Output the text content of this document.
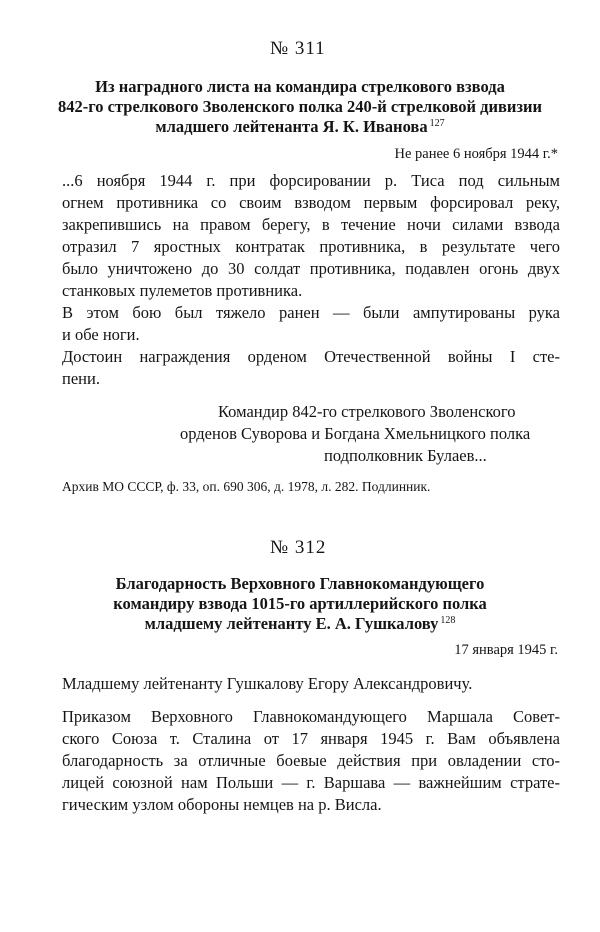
№ 311
Из наградного листа на командира стрелкового взвода
842-го стрелкового Зволенского полка 240-й стрелковой дивизии
младшего лейтенанта Я. К. Иванова $^{127}$
Не ранее 6 ноября 1944 г.*
...6 ноября 1944 г. при форсировании р. Тиса под сильным
огнем противника со своим взводом первым форсировал реку,
закрепившись на правом берегу, в течение ночи силами взвода
отразил 7 яростных контратак противника, в результате чего
было уничтожено до 30 солдат противника, подавлен огонь двух
станковых пулеметов противника.
В этом бою был тяжело ранен — были ампутированы рука
и обе ноги.
Достоин награждения орденом Отечественной войны I сте-
пени.
Командир 842-го стрелкового Зволенского
орденов Суворова и Богдана Хмельницкого полка
подполковник Булаев...
Архив МО СССР, ф. 33, оп. 690 306, д. 1978, л. 282. Подлинник.
№ 312
Благодарность Верховного Главнокомандующего
командиру взвода 1015-го артиллерийского полка
младшему лейтенанту Е. А. Гушкалову $^{128}$
17 января 1945 г.
Младшему лейтенанту Гушкалову Егору Александровичу.
Приказом Верховного Главнокомандующего Маршала Совет-
ского Союза т. Сталина от 17 января 1945 г. Вам объявлена
благодарность за отличные боевые действия при овладении сто-
лицей союзной нам Польши — г. Варшава — важнейшим страте-
гическим узлом обороны немцев на р. Висла.
